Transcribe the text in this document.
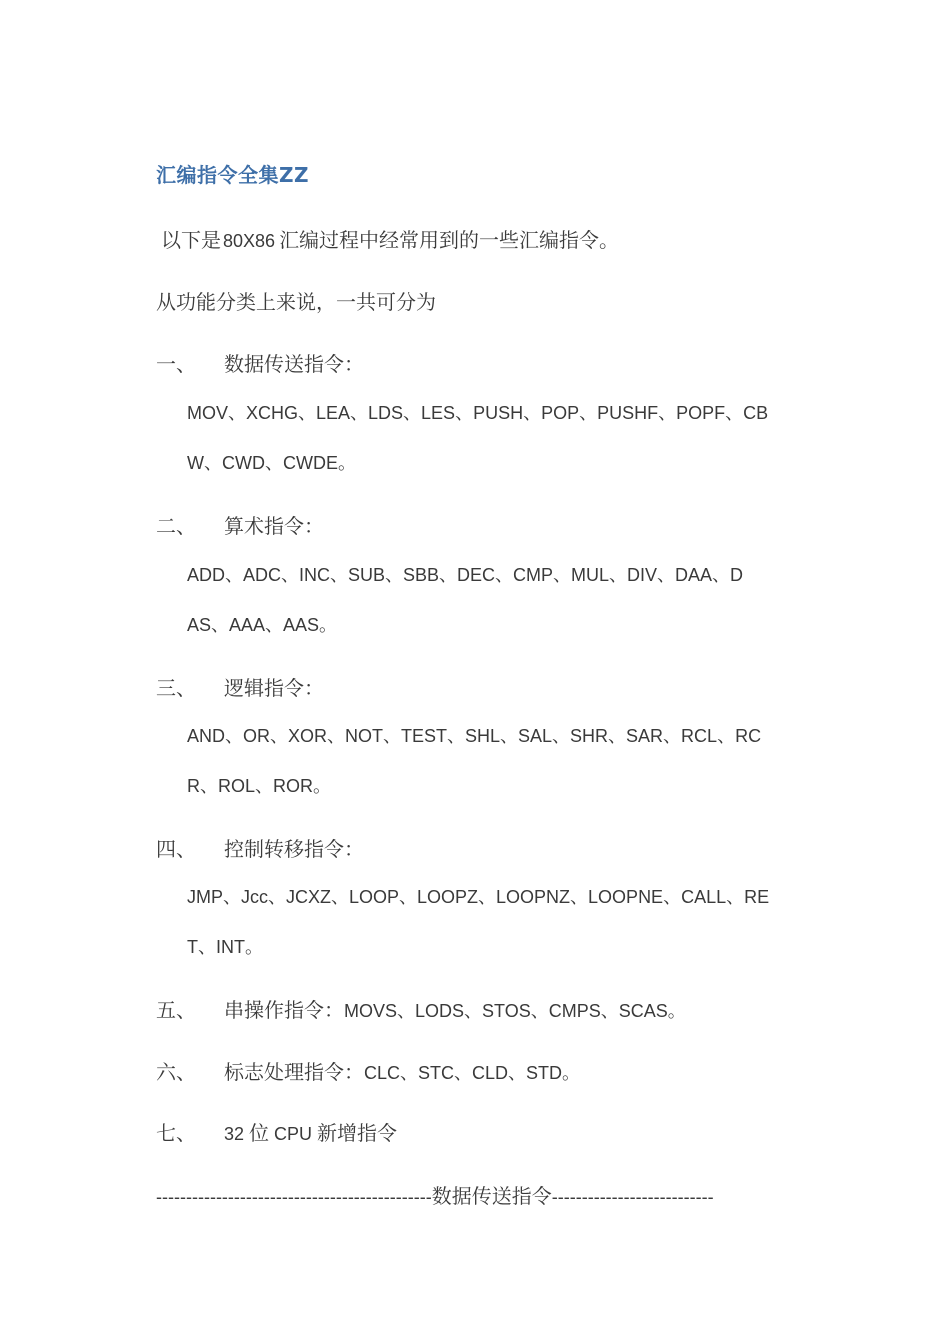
汇编指令全集ZZ
以下是 80X86 汇编过程中经常用到的一些汇编指令。
从功能分类上来说，一共可分为
一、 数据传送指令：
MOV、XCHG、LEA、LDS、LES、PUSH、POP、PUSHF、POPF、CB
W、CWD、CWDE。
二、 算术指令：
ADD、ADC、INC、SUB、SBB、DEC、CMP、MUL、DIV、DAA、D
AS、AAA、AAS。
三、 逻辑指令：
AND、OR、XOR、NOT、TEST、SHL、SAL、SHR、SAR、RCL、RC
R、ROL、ROR。
四、 控制转移指令：
JMP、Jcc、JCXZ、LOOP、LOOPZ、LOOPNZ、LOOPNE、CALL、RE
T、INT。
五、 串操作指令：MOVS、LODS、STOS、CMPS、SCAS。
六、 标志处理指令：CLC、STC、CLD、STD。
七、 32 位 CPU 新增指令
----------------------------------------------数据传送指令---------------------------
